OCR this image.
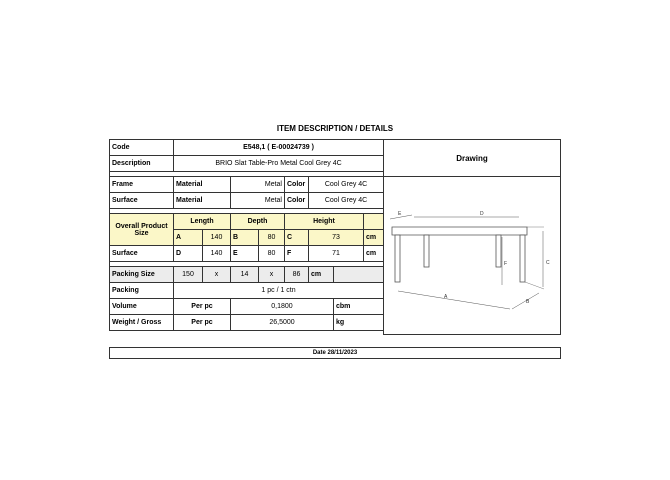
ITEM DESCRIPTION / DETAILS
Code	E548,1 ( E-00024739 )							
Description	BRIO Slat Table-Pro Metal Cool Grey 4C							

Frame	Material		Metal		Color	Cool Grey 4C		
Surface	Material		Metal		Color	Cool Grey 4C		

Overall Product
Size	Length		Depth		Height			
	A	140	B	80	C	73		cm
Surface	D	140	E	80	F	71		cm

Packing Size	150	x	14	x	86	cm		
Packing	1 pc / 1 ctn							
Volume	Per pc		0,1800				cbm	
Weight / Gross	Per pc		26,5000				kg	
Drawing
D
E
A
B
C
F
Date 28/11/2023
